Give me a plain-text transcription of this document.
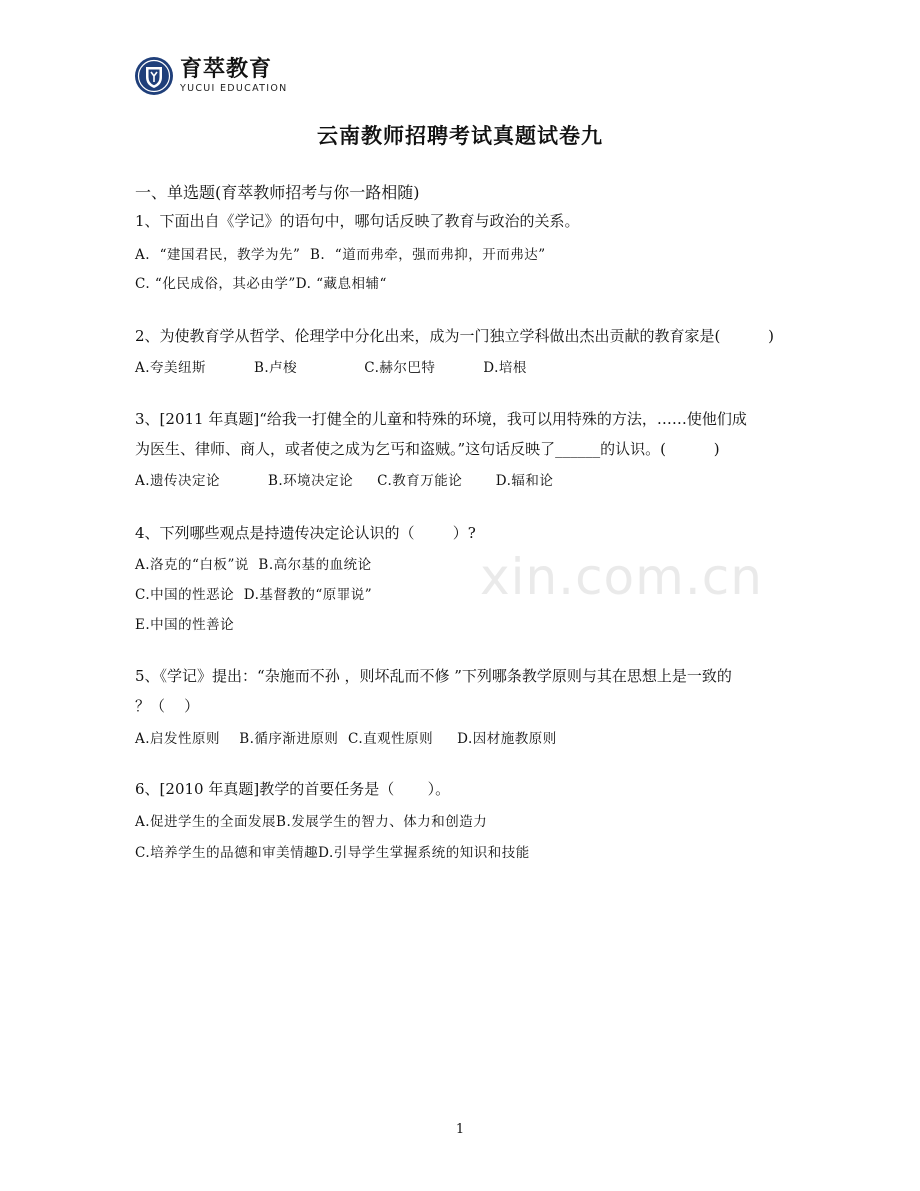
育萃教育
YUCUI EDUCATION
云南教师招聘考试真题试卷九
一、单选题(育萃教师招考与你一路相随)
1、下面出自《学记》的语句中，哪句话反映了教育与政治的关系。
A.  “建国君民，教学为先”  B.  “道而弗牵，强而弗抑，开而弗达”
C. “化民成俗，其必由学”D. “藏息相辅“
2、为使教育学从哲学、伦理学中分化出来，成为一门独立学科做出杰出贡献的教育家是(          )
A.夸美纽斯          B.卢梭              C.赫尔巴特          D.培根
3、[2011 年真题]“给我一打健全的儿童和特殊的环境，我可以用特殊的方法，……使他们成
为医生、律师、商人，或者使之成为乞丐和盗贼。”这句话反映了______的认识。(          )
A.遗传决定论          B.环境决定论     C.教育万能论       D.辐和论
4、下列哪些观点是持遗传决定论认识的（        ）?
A.洛克的“白板”说  B.高尔基的血统论
C.中国的性恶论  D.基督教的“原罪说”
E.中国的性善论
5、《学记》提出：“杂施而不孙 ，则坏乱而不修 ”下列哪条教学原则与其在思想上是一致的
？（    ）
A.启发性原则    B.循序渐进原则  C.直观性原则     D.因材施教原则
6、[2010 年真题]教学的首要任务是（       ）。
A.促进学生的全面发展B.发展学生的智力、体力和创造力
C.培养学生的品德和审美情趣D.引导学生掌握系统的知识和技能
xin.com.cn
1
